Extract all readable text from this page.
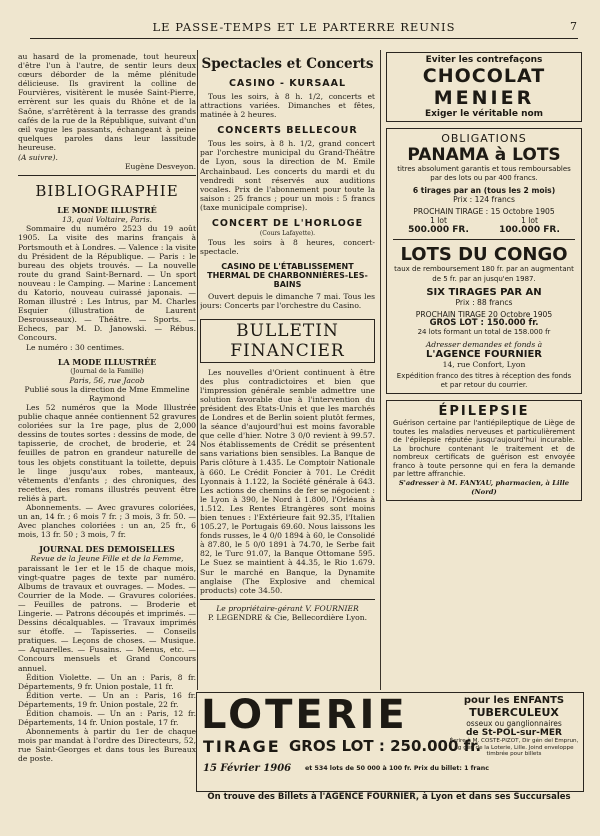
LE PASSE-TEMPS ET LE PARTERRE REUNIS	7

au hasard de la promenade, tout heureux d'être l'un à l'autre, de sentir leurs deux cœurs déborder de la même plénitude délicieuse. Ils gravirent la colline de Fourvières, visitèrent le musée Saint-Pierre, errèrent sur les quais du Rhône et de la Saône, s'arrêtèrent à la terrasse des grands cafés de la rue de la République, suivant d'un œil vague les passants, échangeant à peine quelques paroles dans leur lassitude heureuse.

(A suivre).

Eugène Desveyon.

BIBLIOGRAPHIE
LE MONDE ILLUSTRÉ

13, quai Voltaire, Paris.

Sommaire du numéro 2523 du 19 août 1905. La visite des marins français à Portsmouth et à Londres. — Valence : la visite du Président de la République. — Paris : le bureau des objets trouvés. — La nouvelle route du grand Saint-Bernard. — Un sport nouveau : le Camping. — Marine : Lancement du Katorio, nouveau cuirassé japonais. — Roman illustré : Les Intrus, par M. Charles Esquier (illustration de Laurent Desrousseaux). — Théâtre. — Sports. — Echecs, par M. D. Janowski. — Rébus. Concours.

Le numéro : 30 centimes.

LA MODE ILLUSTRÉE

(Journal de la Famille)

Paris, 56, rue Jacob

Publié sous la direction de Mme Emmeline Raymond

Les 52 numéros que la Mode Illustrée publie chaque année contiennent 52 gravures coloriées sur la 1re page, plus de 2,000 dessins de toutes sortes : dessins de mode, de tapisserie, de crochet, de broderie, et 24 feuilles de patron en grandeur naturelle de tous les objets constituant la toilette, depuis le linge jusqu'aux robes, manteaux, vêtements d'enfants ; des chroniques, des recettes, des romans illustrés peuvent être reliés à part.

Abonnements. — Avec gravures coloriées, un an, 14 fr. ; 6 mois 7 fr. ; 3 mois, 3 fr. 50. — Avec planches coloriées : un an, 25 fr., 6 mois, 13 fr. 50 ; 3 mois, 7 fr.

JOURNAL DES DEMOISELLES

Revue de la Jeune Fille et de la Femme,

paraissant le 1er et le 15 de chaque mois, vingt-quatre pages de texte par numéro. Albums de travaux et ouvrages. — Modes. — Courrier de la Mode. — Gravures coloriées. — Feuilles de patrons. — Broderie et Lingerie. — Patrons découpés et imprimés. — Dessins décalquables. — Travaux imprimés sur étoffe. — Tapisseries. — Conseils pratiques. — Leçons de choses. — Musique. — Aquarelles. — Fusains. — Menus, etc. — Concours mensuels et Grand Concours annuel.

Édition Violette. — Un an : Paris, 8 fr. Départements, 9 fr. Union postale, 11 fr.

Édition verte. — Un an : Paris, 16 fr. Départements, 19 fr. Union postale, 22 fr.

Édition chamois. — Un an : Paris, 12 fr. Départements, 14 fr. Union postale, 17 fr.

Abonnements à partir du 1er de chaque mois par mandat à l'ordre des Directeurs, 52, rue Saint-Georges et dans tous les Bureaux de poste.

Spectacles et Concerts
CASINO - KURSAAL

Tous les soirs, à 8 h. 1/2, concerts et attractions variées. Dimanches et fêtes, matinée à 2 heures.

CONCERTS BELLECOUR

Tous les soirs, à 8 h. 1/2, grand concert par l'orchestre municipal du Grand-Théâtre de Lyon, sous la direction de M. Emile Archainbaud. Les concerts du mardi et du vendredi sont réservés aux auditions vocales. Prix de l'abonnement pour toute la saison : 25 francs ; pour un mois : 5 francs (taxe municipale comprise).

CONCERT DE L'HORLOGE

(Cours Lafayette).

Tous les soirs à 8 heures, concert-spectacle.

CASINO DE L'ÉTABLISSEMENT THERMAL DE CHARBONNIÈRES-LES-BAINS

Ouvert depuis le dimanche 7 mai. Tous les jours: Concerts par l'orchestre du Casino.

BULLETIN FINANCIER

Les nouvelles d'Orient continuent à être des plus contradictoires et bien que l'impression générale semble admettre une solution favorable due à l'intervention du président des Etats-Unis et que les marchés de Londres et de Berlin soient plutôt fermes, la séance d'aujourd'hui est moins favorable que celle d'hier. Notre 3 0/0 revient à 99.57. Nos établissements de Crédit se présentent sans variations bien sensibles. La Banque de Paris clôture à 1.435. Le Comptoir Nationale à 660. Le Crédit Foncier à 701. Le Crédit Lyonnais à 1.122, la Société générale à 643. Les actions de chemins de fer se négocient : le Lyon à 390, le Nord à 1.800, l'Orléans à 1.512. Les Rentes Etrangères sont moins bien tenues : l'Extérieure fait 92.35, l'Italien 105.27, le Portugais 69.60. Nous laissons les fonds russes, le 4 0/0 1894 à 60, le Consolidé à 87.80, le 5 0/0 1891 à 74.70, le Serbe fait 82, le Turc 91.07, la Banque Ottomane 595. Le Suez se maintient à 44.35, le Rio 1.679. Sur le marché en Banque, la Dynamite anglaise (The Explosive and chemical products) cote 34.50.

Le propriétaire-gérant V. FOURNIER

P. LEGENDRE & Cie, Bellecordière Lyon.

Eviter les contrefaçons
CHOCOLAT
MENIER
Exiger le véritable nom
OBLIGATIONS
PANAMA à LOTS

titres absolument garantis et tous remboursables par des lots ou par 400 francs.

6 tirages par an (tous les 2 mois)

Prix : 124 francs

PROCHAIN TIRAGE : 15 Octobre 1905

1 lot	1 lot
500.000 FR.	100.000 FR.
LOTS DU CONGO

taux de remboursement 180 fr. par an augmentant de 5 fr. par an jusqu'en 1987.

SIX TIRAGES PAR AN

Prix : 88 francs

PROCHAIN TIRAGE 20 Octobre 1905

GROS LOT : 150.000 fr.

24 lots formant un total de 158.000 fr

Adresser demandes et fonds à

L'AGENCE FOURNIER

14, rue Confort, Lyon

Expédition franco des titres à réception des fonds et par retour du courrier.

ÉPILEPSIE

Guérison certaine par l'antiépileptique de Liège de toutes les maladies nerveuses et particulièrement de l'épilepsie réputée jusqu'aujourd'hui incurable. La brochure contenant le traitement et de nombreux certificats de guérison est envoyée franco à toute personne qui en fera la demande par lettre affranchie.

S'adresser à M. FANYAU, pharmacien, à Lille (Nord)

LOTERIE
TIRAGE
15 Février 1906
GROS LOT : 250.000 fr.
et 534 lots de 50 000 à 100 fr. Prix du billet: 1 franc
pour les ENFANTS
TUBERCULEUX
osseux ou ganglionnaires
de St-POL-sur-MER
Écrire à M. COSTE-PIZOT, Dir gén del Emprun, ag gén de la Loterie, Lille. Joind enveloppe timbrée pour billets
On trouve des Billets à l'AGENCE FOURNIER, à Lyon et dans ses Succursales
